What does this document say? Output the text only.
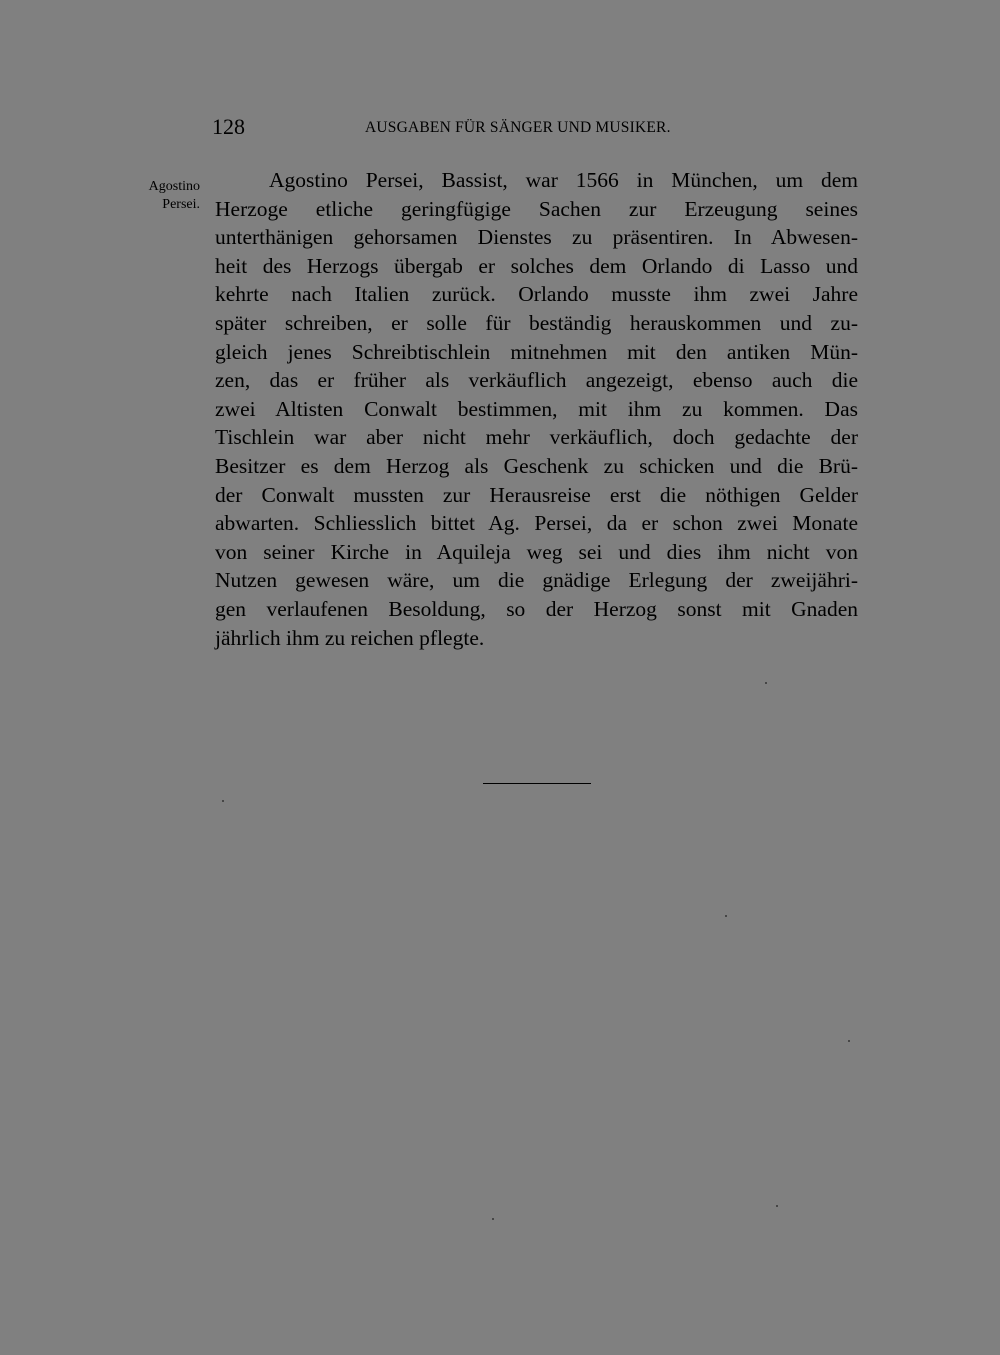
128	AUSGABEN FÜR SÄNGER UND MUSIKER.
Agostino
Persei.
Agostino Persei, Bassist, war 1566 in München, um dem
Herzoge etliche geringfügige Sachen zur Erzeugung seines
unterthänigen gehorsamen Dienstes zu präsentiren. In Abwesen-
heit des Herzogs übergab er solches dem Orlando di Lasso und
kehrte nach Italien zurück. Orlando musste ihm zwei Jahre
später schreiben, er solle für beständig herauskommen und zu-
gleich jenes Schreibtischlein mitnehmen mit den antiken Mün-
zen, das er früher als verkäuflich angezeigt, ebenso auch die
zwei Altisten Conwalt bestimmen, mit ihm zu kommen. Das
Tischlein war aber nicht mehr verkäuflich, doch gedachte der
Besitzer es dem Herzog als Geschenk zu schicken und die Brü-
der Conwalt mussten zur Herausreise erst die nöthigen Gelder
abwarten. Schliesslich bittet Ag. Persei, da er schon zwei Monate
von seiner Kirche in Aquileja weg sei und dies ihm nicht von
Nutzen gewesen wäre, um die gnädige Erlegung der zweijähri-
gen verlaufenen Besoldung, so der Herzog sonst mit Gnaden
jährlich ihm zu reichen pflegte.
